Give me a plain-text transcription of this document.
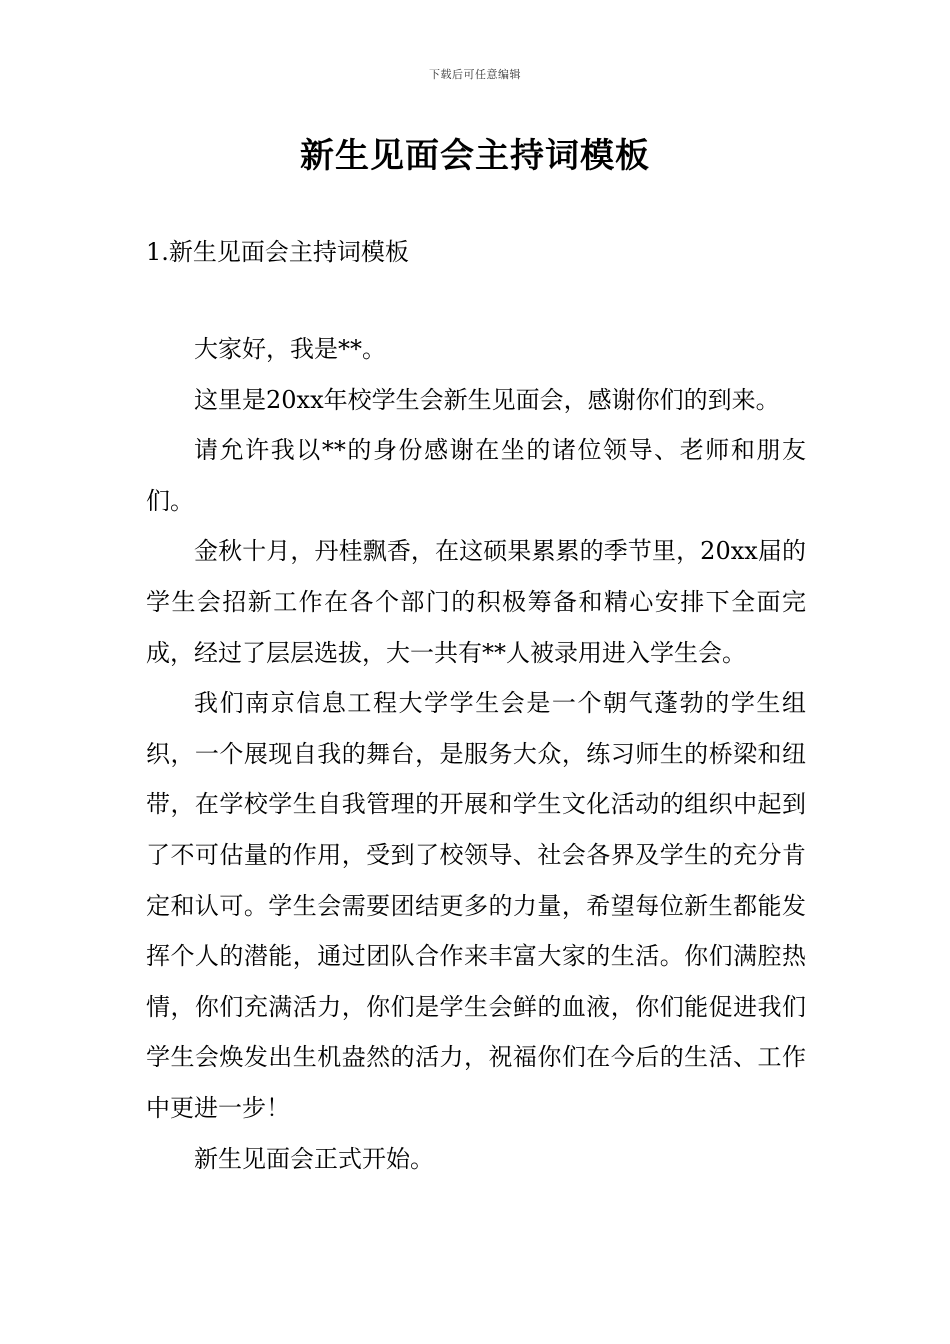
下载后可任意编辑
新生见面会主持词模板
1.新生见面会主持词模板

大家好，我是**。

这里是20xx年校学生会新生见面会，感谢你们的到来。

请允许我以**的身份感谢在坐的诸位领导、老师和朋友们。

金秋十月，丹桂飘香，在这硕果累累的季节里，20xx届的学生会招新工作在各个部门的积极筹备和精心安排下全面完成，经过了层层选拔，大一共有**人被录用进入学生会。

我们南京信息工程大学学生会是一个朝气蓬勃的学生组织，一个展现自我的舞台，是服务大众，练习师生的桥梁和纽带，在学校学生自我管理的开展和学生文化活动的组织中起到了不可估量的作用，受到了校领导、社会各界及学生的充分肯定和认可。学生会需要团结更多的力量，希望每位新生都能发挥个人的潜能，通过团队合作来丰富大家的生活。你们满腔热情，你们充满活力，你们是学生会鲜的血液，你们能促进我们学生会焕发出生机盎然的活力，祝福你们在今后的生活、工作中更进一步！

新生见面会正式开始。
